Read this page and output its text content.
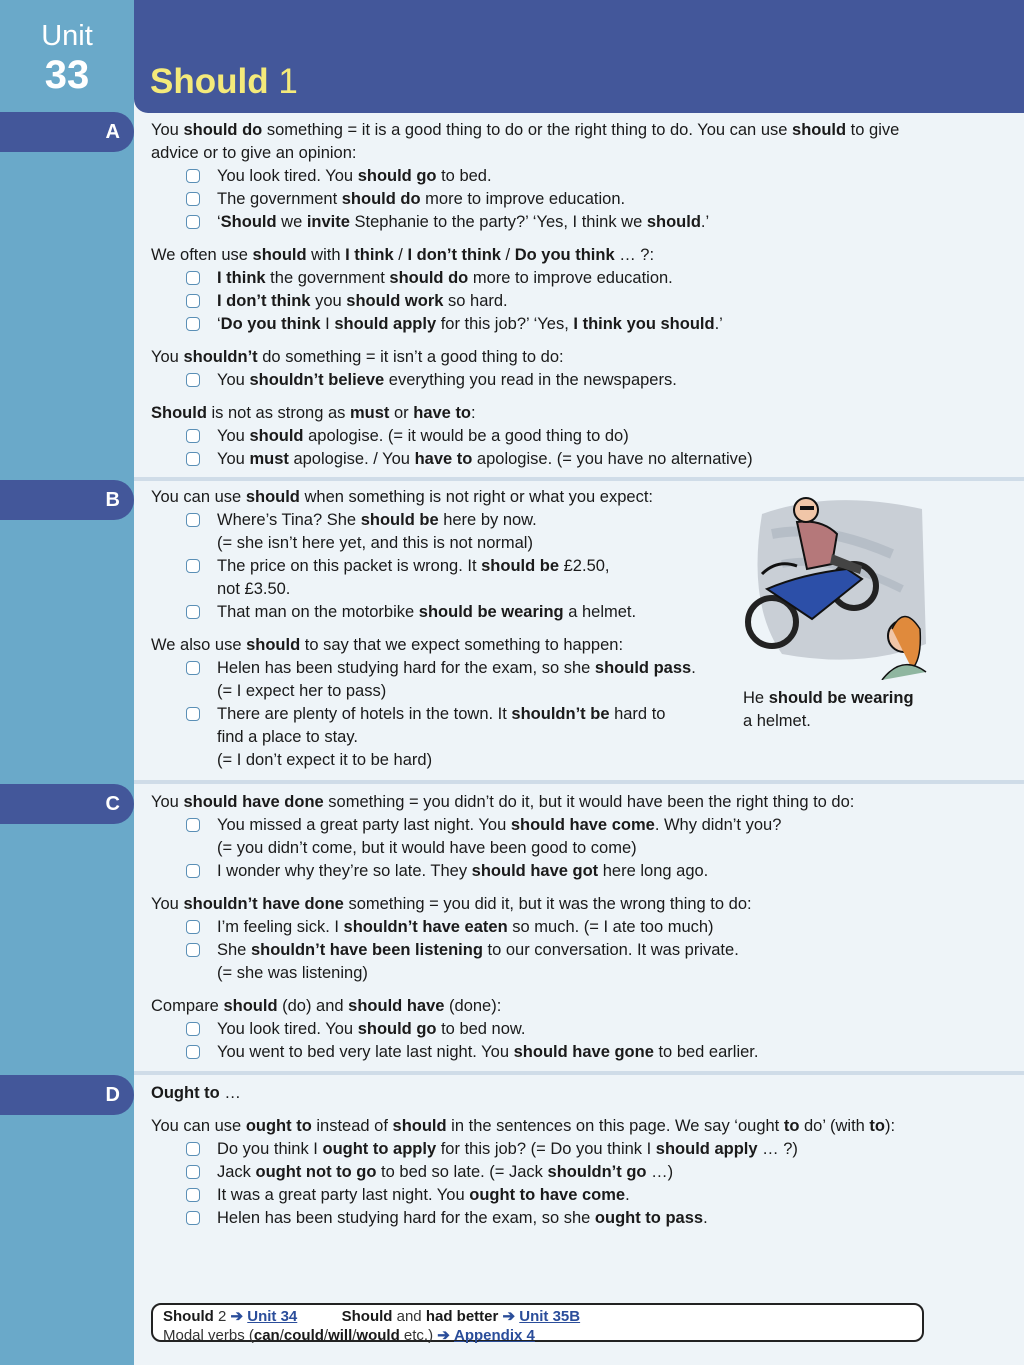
Unit
33	Should 1
A
B
C
D

You should do something = it is a good thing to do or the right thing to do. You can use should to give advice or to give an opinion:

You look tired. You should go to bed.

The government should do more to improve education.

‘Should we invite Stephanie to the party?’ ‘Yes, I think we should.’

We often use should with I think / I don’t think / Do you think … ?:

I think the government should do more to improve education.

I don’t think you should work so hard.

‘Do you think I should apply for this job?’ ‘Yes, I think you should.’

You shouldn’t do something = it isn’t a good thing to do:

You shouldn’t believe everything you read in the newspapers.

Should is not as strong as must or have to:

You should apologise. (= it would be a good thing to do)

You must apologise. / You have to apologise. (= you have no alternative)

You can use should when something is not right or what you expect:

Where’s Tina? She should be here by now.

(= she isn’t here yet, and this is not normal)

The price on this packet is wrong. It should be £2.50,

not £3.50.

That man on the motorbike should be wearing a helmet.

We also use should to say that we expect something to happen:

Helen has been studying hard for the exam, so she should pass.

(= I expect her to pass)

There are plenty of hotels in the town. It shouldn’t be hard to

find a place to stay.

(= I don’t expect it to be hard)

He should be wearing
a helmet.

You should have done something = you didn’t do it, but it would have been the right thing to do:

You missed a great party last night. You should have come. Why didn’t you?

(= you didn’t come, but it would have been good to come)

I wonder why they’re so late. They should have got here long ago.

You shouldn’t have done something = you did it, but it was the wrong thing to do:

I’m feeling sick. I shouldn’t have eaten so much. (= I ate too much)

She shouldn’t have been listening to our conversation. It was private.

(= she was listening)

Compare should (do) and should have (done):

You look tired. You should go to bed now.

You went to bed very late last night. You should have gone to bed earlier.

Ought to …

You can use ought to instead of should in the sentences on this page. We say ‘ought to do’ (with to):

Do you think I ought to apply for this job? (= Do you think I should apply … ?)

Jack ought not to go to bed so late. (= Jack shouldn’t go …)

It was a great party last night. You ought to have come.

Helen has been studying hard for the exam, so she ought to pass.

Should 2 ➔ Unit 34	Should and had better ➔ Unit 35B
Modal verbs (can/could/will/would etc.) ➔ Appendix 4
